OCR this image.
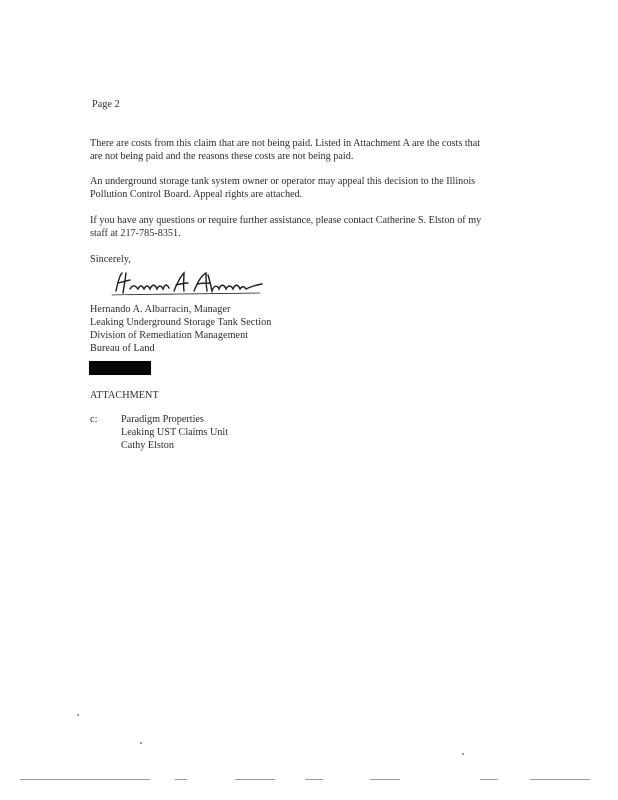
Page 2
There are costs from this claim that are not being paid. Listed in Attachment A are the costs that
are not being paid and the reasons these costs are not being paid.
An underground storage tank system owner or operator may appeal this decision to the Illinois
Pollution Control Board. Appeal rights are attached.
If you have any questions or require further assistance, please contact Catherine S. Elston of my
staff at 217-785-8351.
Sincerely,
Hernando A. Albarracin, Manager
Leaking Underground Storage Tank Section
Division of Remediation Management
Bureau of Land
ATTACHMENT
c: Paradigm Properties
Leaking UST Claims Unit
Cathy Elston
